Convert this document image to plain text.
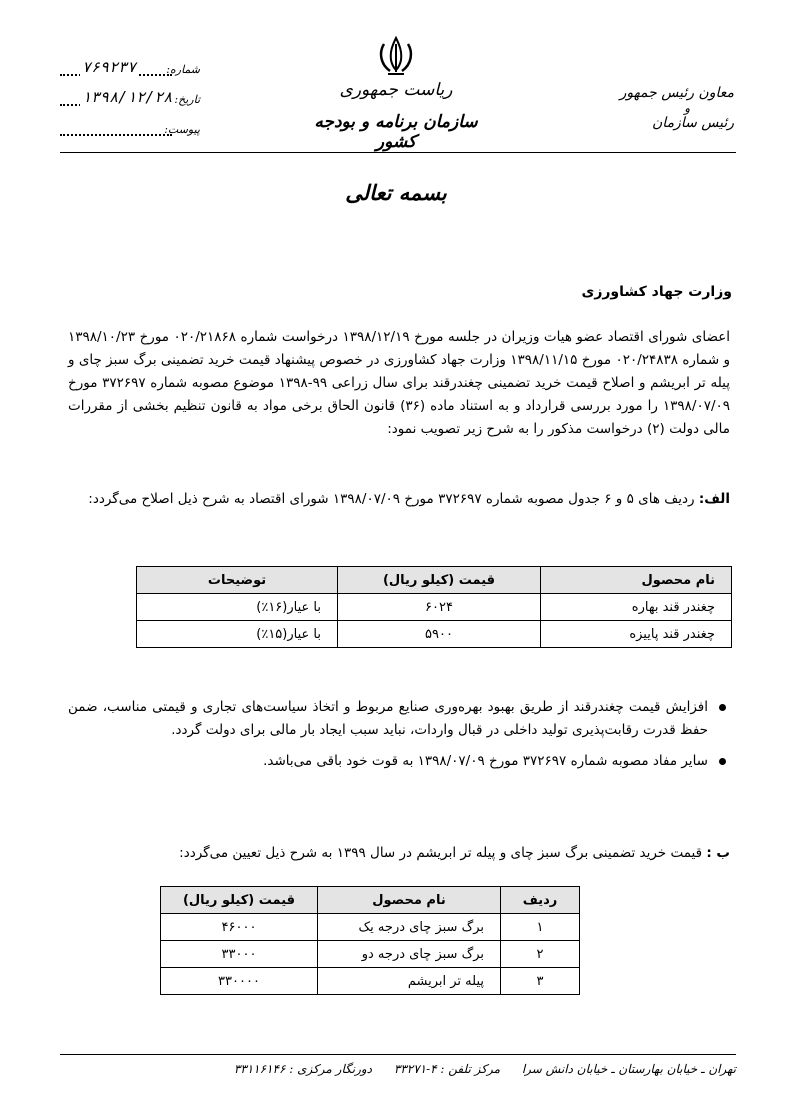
ریاست جمهوری
سازمان برنامه و بودجه کشور
معاون رئیس جمهور
و
رئیس سازمان
۷۶۹۲۳۷	شماره:
۱۳۹۸/۱۲/۲۸ تاریخ:
پیوست:
بسمه تعالی
وزارت جهاد کشاورزی
اعضای شورای اقتصاد عضو هیات وزیران در جلسه مورخ ۱۳۹۸/۱۲/۱۹ درخواست شماره ۰۲۰/۲۱۸۶۸ مورخ ۱۳۹۸/۱۰/۲۳ و شماره ۰۲۰/۲۴۸۳۸ مورخ ۱۳۹۸/۱۱/۱۵ وزارت جهاد کشاورزی در خصوص پیشنهاد قیمت خرید تضمینی برگ سبز چای و پیله تر ابریشم و اصلاح قیمت خرید تضمینی چغندرقند برای سال زراعی ۹۹-۱۳۹۸ موضوع مصوبه شماره ۳۷۲۶۹۷ مورخ ۱۳۹۸/۰۷/۰۹ را مورد بررسی قرارداد و به استناد ماده (۳۶) قانون الحاق برخی مواد به قانون تنظیم بخشی از مقررات مالی دولت (۲) درخواست مذکور را به شرح زیر تصویب نمود:
الف: ردیف های ۵ و ۶ جدول مصوبه شماره ۳۷۲۶۹۷ مورخ ۱۳۹۸/۰۷/۰۹ شورای اقتصاد به شرح ذیل اصلاح می‌گردد:
نام محصول	قیمت (کیلو ریال)	توضیحات
چغندر قند بهاره	۶۰۲۴	با عیار(۱۶٪)
چغندر قند پاییزه	۵۹۰۰	با عیار(۱۵٪)
افزایش قیمت چغندرقند از طریق بهبود بهره‌وری صنایع مربوط و اتخاذ سیاست‌های تجاری و قیمتی مناسب، ضمن حفظ قدرت رقابت‌پذیری تولید داخلی در قبال واردات، نباید سبب ایجاد بار مالی برای دولت گردد.
سایر مفاد مصوبه شماره ۳۷۲۶۹۷ مورخ ۱۳۹۸/۰۷/۰۹ به قوت خود باقی می‌باشد.
ب : قیمت خرید تضمینی برگ سبز چای و پیله تر ابریشم در سال ۱۳۹۹ به شرح ذیل تعیین می‌گردد:
ردیف	نام محصول	قیمت (کیلو ریال)
۱	برگ سبز چای درجه یک	۴۶۰۰۰
۲	برگ سبز چای درجه دو	۳۳۰۰۰
۳	پیله تر ابریشم	۳۳۰۰۰۰
تهران ـ خیابان بهارستان ـ خیابان دانش سرا مرکز تلفن : ۴-۳۳۲۷۱ دورنگار مرکزی : ۳۳۱۱۶۱۴۶
